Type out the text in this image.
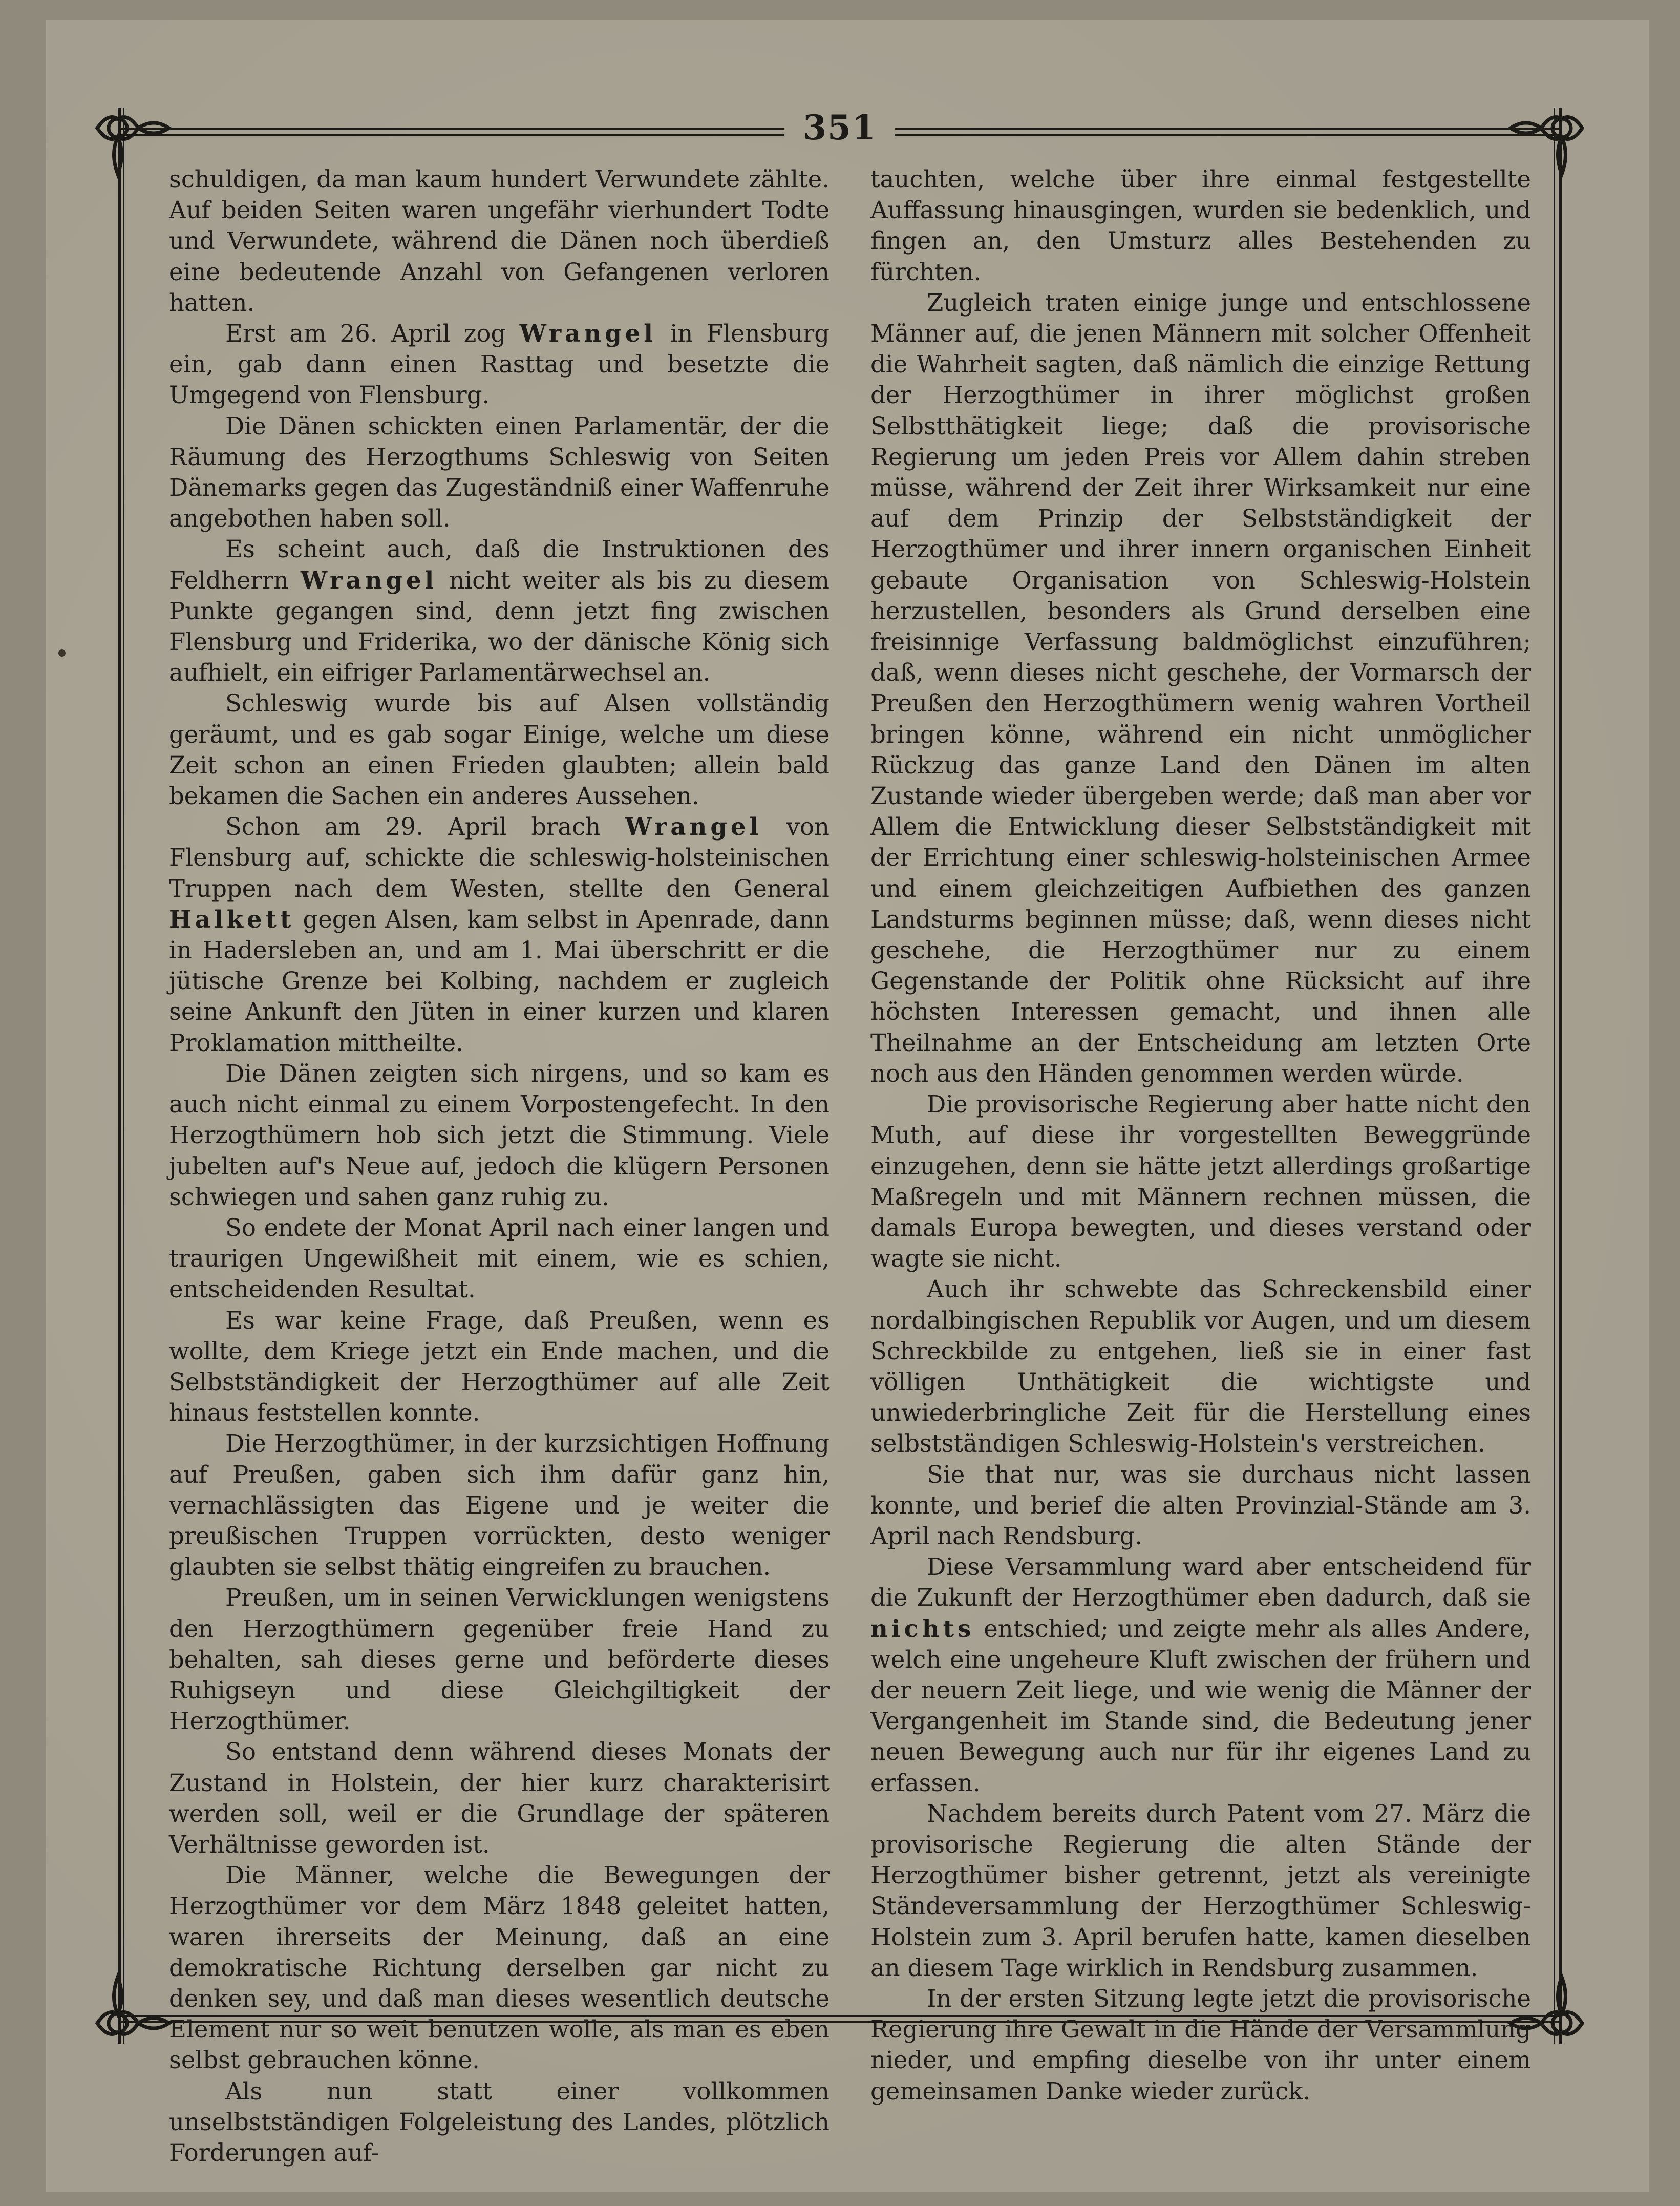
351

schuldigen, da man kaum hundert Verwundete zählte. Auf beiden Seiten waren ungefähr vierhundert Todte und Verwundete, während die Dänen noch überdieß eine bedeutende Anzahl von Gefangenen verloren hatten.

Erst am 26. April zog Wrangel in Flensburg ein, gab dann einen Rasttag und besetzte die Umgegend von Flensburg.

Die Dänen schickten einen Parlamentär, der die Räumung des Herzogthums Schleswig von Seiten Dänemarks gegen das Zugeständniß einer Waffenruhe angebothen haben soll.

Es scheint auch, daß die Instruktionen des Feldherrn Wrangel nicht weiter als bis zu diesem Punkte gegangen sind, denn jetzt fing zwischen Flensburg und Friderika, wo der dänische König sich aufhielt, ein eifriger Parlamentärwechsel an.

Schleswig wurde bis auf Alsen vollständig geräumt, und es gab sogar Einige, welche um diese Zeit schon an einen Frieden glaubten; allein bald bekamen die Sachen ein anderes Aussehen.

Schon am 29. April brach Wrangel von Flensburg auf, schickte die schleswig-holsteinischen Truppen nach dem Westen, stellte den General Halkett gegen Alsen, kam selbst in Apenrade, dann in Hadersleben an, und am 1. Mai überschritt er die jütische Grenze bei Kolbing, nachdem er zugleich seine Ankunft den Jüten in einer kurzen und klaren Proklamation mittheilte.

Die Dänen zeigten sich nirgens, und so kam es auch nicht einmal zu einem Vorpostengefecht. In den Herzogthümern hob sich jetzt die Stimmung. Viele jubelten auf's Neue auf, jedoch die klügern Personen schwiegen und sahen ganz ruhig zu.

So endete der Monat April nach einer langen und traurigen Ungewißheit mit einem, wie es schien, entscheidenden Resultat.

Es war keine Frage, daß Preußen, wenn es wollte, dem Kriege jetzt ein Ende machen, und die Selbstständigkeit der Herzogthümer auf alle Zeit hinaus feststellen konnte.

Die Herzogthümer, in der kurzsichtigen Hoffnung auf Preußen, gaben sich ihm dafür ganz hin, vernachlässigten das Eigene und je weiter die preußischen Truppen vorrückten, desto weniger glaubten sie selbst thätig eingreifen zu brauchen.

Preußen, um in seinen Verwicklungen wenigstens den Herzogthümern gegenüber freie Hand zu behalten, sah dieses gerne und beförderte dieses Ruhigseyn und diese Gleichgiltigkeit der Herzogthümer.

So entstand denn während dieses Monats der Zustand in Holstein, der hier kurz charakterisirt werden soll, weil er die Grundlage der späteren Verhältnisse geworden ist.

Die Männer, welche die Bewegungen der Herzogthümer vor dem März 1848 geleitet hatten, waren ihrerseits der Meinung, daß an eine demokratische Richtung derselben gar nicht zu denken sey, und daß man dieses wesentlich deutsche Element nur so weit benutzen wolle, als man es eben selbst gebrauchen könne.

Als nun statt einer vollkommen unselbstständigen Folgeleistung des Landes, plötzlich Forderungen auf-

tauchten, welche über ihre einmal festgestellte Auffassung hinausgingen, wurden sie bedenklich, und fingen an, den Umsturz alles Bestehenden zu fürchten.

Zugleich traten einige junge und entschlossene Männer auf, die jenen Männern mit solcher Offenheit die Wahrheit sagten, daß nämlich die einzige Rettung der Herzogthümer in ihrer möglichst großen Selbstthätigkeit liege; daß die provisorische Regierung um jeden Preis vor Allem dahin streben müsse, während der Zeit ihrer Wirksamkeit nur eine auf dem Prinzip der Selbstständigkeit der Herzogthümer und ihrer innern organischen Einheit gebaute Organisation von Schleswig-Holstein herzustellen, besonders als Grund derselben eine freisinnige Verfassung baldmöglichst einzuführen; daß, wenn dieses nicht geschehe, der Vormarsch der Preußen den Herzogthümern wenig wahren Vortheil bringen könne, während ein nicht unmöglicher Rückzug das ganze Land den Dänen im alten Zustande wieder übergeben werde; daß man aber vor Allem die Entwicklung dieser Selbstständigkeit mit der Errichtung einer schleswig-holsteinischen Armee und einem gleichzeitigen Aufbiethen des ganzen Landsturms beginnen müsse; daß, wenn dieses nicht geschehe, die Herzogthümer nur zu einem Gegenstande der Politik ohne Rücksicht auf ihre höchsten Interessen gemacht, und ihnen alle Theilnahme an der Entscheidung am letzten Orte noch aus den Händen genommen werden würde.

Die provisorische Regierung aber hatte nicht den Muth, auf diese ihr vorgestellten Beweggründe einzugehen, denn sie hätte jetzt allerdings großartige Maßregeln und mit Männern rechnen müssen, die damals Europa bewegten, und dieses verstand oder wagte sie nicht.

Auch ihr schwebte das Schreckensbild einer nordalbingischen Republik vor Augen, und um diesem Schreckbilde zu entgehen, ließ sie in einer fast völligen Unthätigkeit die wichtigste und unwiederbringliche Zeit für die Herstellung eines selbstständigen Schleswig-Holstein's verstreichen.

Sie that nur, was sie durchaus nicht lassen konnte, und berief die alten Provinzial-Stände am 3. April nach Rendsburg.

Diese Versammlung ward aber entscheidend für die Zukunft der Herzogthümer eben dadurch, daß sie nichts entschied; und zeigte mehr als alles Andere, welch eine ungeheure Kluft zwischen der frühern und der neuern Zeit liege, und wie wenig die Männer der Vergangenheit im Stande sind, die Bedeutung jener neuen Bewegung auch nur für ihr eigenes Land zu erfassen.

Nachdem bereits durch Patent vom 27. März die provisorische Regierung die alten Stände der Herzogthümer bisher getrennt, jetzt als vereinigte Ständeversammlung der Herzogthümer Schleswig-Holstein zum 3. April berufen hatte, kamen dieselben an diesem Tage wirklich in Rendsburg zusammen.

In der ersten Sitzung legte jetzt die provisorische Regierung ihre Gewalt in die Hände der Versammlung nieder, und empfing dieselbe von ihr unter einem gemeinsamen Danke wieder zurück.
